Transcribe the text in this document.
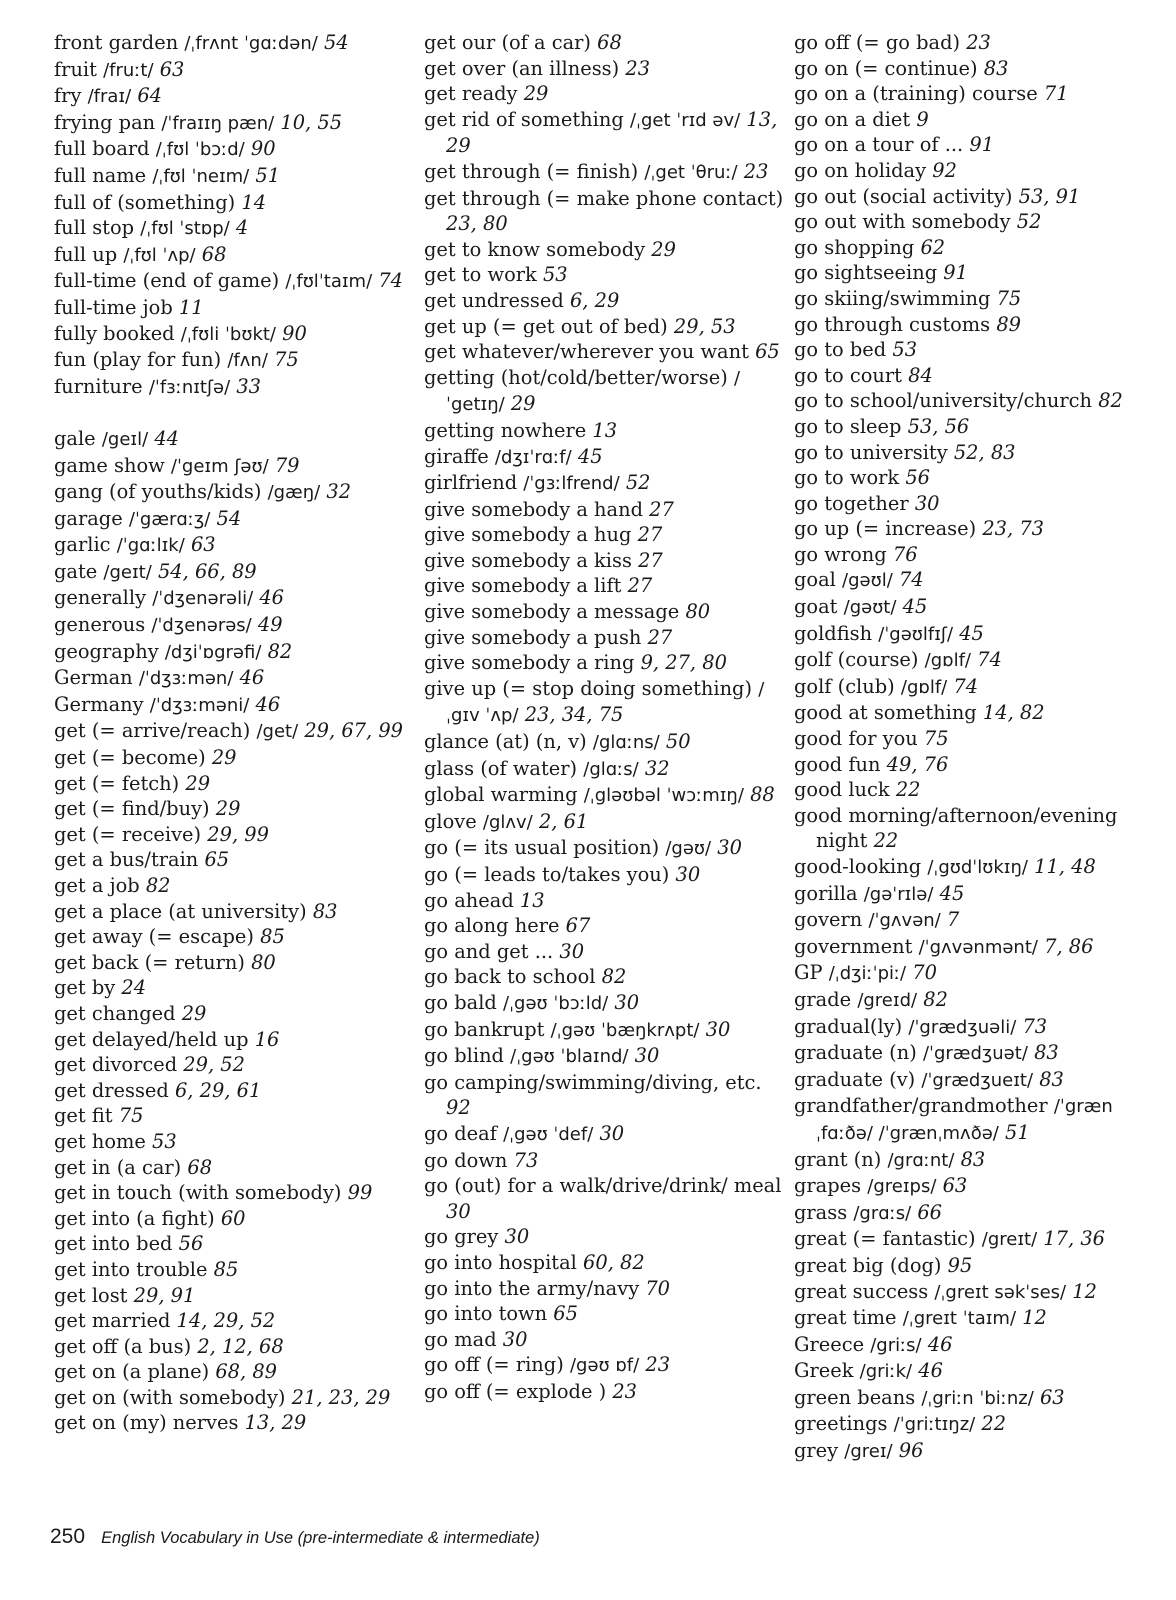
front garden /ˌfrʌnt ˈgɑːdən/ 54
fruit /fruːt/ 63
fry /fraɪ/ 64
frying pan /ˈfraɪɪŋ pæn/ 10, 55
full board /ˌfʊl ˈbɔːd/ 90
full name /ˌfʊl ˈneɪm/ 51
full of (something) 14
full stop /ˌfʊl ˈstɒp/ 4
full up /ˌfʊl ˈʌp/ 68
full-time (end of game) /ˌfʊlˈtaɪm/ 74
full-time job 11
fully booked /ˌfʊli ˈbʊkt/ 90
fun (play for fun) /fʌn/ 75
furniture /ˈfɜːnɪtʃə/ 33
gale /geɪl/ 44
game show /ˈgeɪm ʃəʊ/ 79
gang (of youths/kids) /gæŋ/ 32
garage /ˈgærɑːʒ/ 54
garlic /ˈgɑːlɪk/ 63
gate /geɪt/ 54, 66, 89
generally /ˈdʒenərəli/ 46
generous /ˈdʒenərəs/ 49
geography /dʒiˈɒgrəfi/ 82
German /ˈdʒɜːmən/ 46
Germany /ˈdʒɜːməni/ 46
get (= arrive/reach) /get/ 29, 67, 99
get (= become) 29
get (= fetch) 29
get (= find/buy) 29
get (= receive) 29, 99
get a bus/train 65
get a job 82
get a place (at university) 83
get away (= escape) 85
get back (= return) 80
get by 24
get changed 29
get delayed/held up 16
get divorced 29, 52
get dressed 6, 29, 61
get fit 75
get home 53
get in (a car) 68
get in touch (with somebody) 99
get into (a fight) 60
get into bed 56
get into trouble 85
get lost 29, 91
get married 14, 29, 52
get off (a bus) 2, 12, 68
get on (a plane) 68, 89
get on (with somebody) 21, 23, 29
get on (my) nerves 13, 29
get our (of a car) 68
get over (an illness) 23
get ready 29
get rid of something /ˌget ˈrɪd əv/ 13, 29
get through (= finish) /ˌget ˈθruː/ 23
get through (= make phone contact) 23, 80
get to know somebody 29
get to work 53
get undressed 6, 29
get up (= get out of bed) 29, 53
get whatever/wherever you want 65
getting (hot/cold/better/worse) /ˈgetɪŋ/ 29
getting nowhere 13
giraffe /dʒɪˈrɑːf/ 45
girlfriend /ˈgɜːlfrend/ 52
give somebody a hand 27
give somebody a hug 27
give somebody a kiss 27
give somebody a lift 27
give somebody a message 80
give somebody a push 27
give somebody a ring 9, 27, 80
give up (= stop doing something) /ˌgɪv ˈʌp/ 23, 34, 75
glance (at) (n, v) /glɑːns/ 50
glass (of water) /glɑːs/ 32
global warming /ˌgləʊbəl ˈwɔːmɪŋ/ 88
glove /glʌv/ 2, 61
go (= its usual position) /gəʊ/ 30
go (= leads to/takes you) 30
go ahead 13
go along here 67
go and get ... 30
go back to school 82
go bald /ˌgəʊ ˈbɔːld/ 30
go bankrupt /ˌgəʊ ˈbæŋkrʌpt/ 30
go blind /ˌgəʊ ˈblaɪnd/ 30
go camping/swimming/diving, etc. 92
go deaf /ˌgəʊ ˈdef/ 30
go down 73
go (out) for a walk/drive/drink/ meal 30
go grey 30
go into hospital 60, 82
go into the army/navy 70
go into town 65
go mad 30
go off (= ring) /gəʊ ɒf/ 23
go off (= explode ) 23
go off (= go bad) 23
go on (= continue) 83
go on a (training) course 71
go on a diet 9
go on a tour of ... 91
go on holiday 92
go out (social activity) 53, 91
go out with somebody 52
go shopping 62
go sightseeing 91
go skiing/swimming 75
go through customs 89
go to bed 53
go to court 84
go to school/university/church 82
go to sleep 53, 56
go to university 52, 83
go to work 56
go together 30
go up (= increase) 23, 73
go wrong 76
goal /gəʊl/ 74
goat /gəʊt/ 45
goldfish /ˈgəʊlfɪʃ/ 45
golf (course) /gɒlf/ 74
golf (club) /gɒlf/ 74
good at something 14, 82
good for you 75
good fun 49, 76
good luck 22
good morning/afternoon/evening night 22
good-looking /ˌgʊdˈlʊkɪŋ/ 11, 48
gorilla /gəˈrɪlə/ 45
govern /ˈgʌvən/ 7
government /ˈgʌvənmənt/ 7, 86
GP /ˌdʒiːˈpiː/ 70
grade /greɪd/ 82
gradual(ly) /ˈgrædʒuəli/ 73
graduate (n) /ˈgrædʒuət/ 83
graduate (v) /ˈgrædʒueɪt/ 83
grandfather/grandmother /ˈgrænˌfɑːðə/ /ˈgrænˌmʌðə/ 51
grant (n) /grɑːnt/ 83
grapes /greɪps/ 63
grass /grɑːs/ 66
great (= fantastic) /greɪt/ 17, 36
great big (dog) 95
great success /ˌgreɪt səkˈses/ 12
great time /ˌgreɪt ˈtaɪm/ 12
Greece /griːs/ 46
Greek /griːk/ 46
green beans /ˌgriːn ˈbiːnz/ 63
greetings /ˈgriːtɪŋz/ 22
grey /greɪ/ 96
250 English Vocabulary in Use (pre-intermediate & intermediate)
